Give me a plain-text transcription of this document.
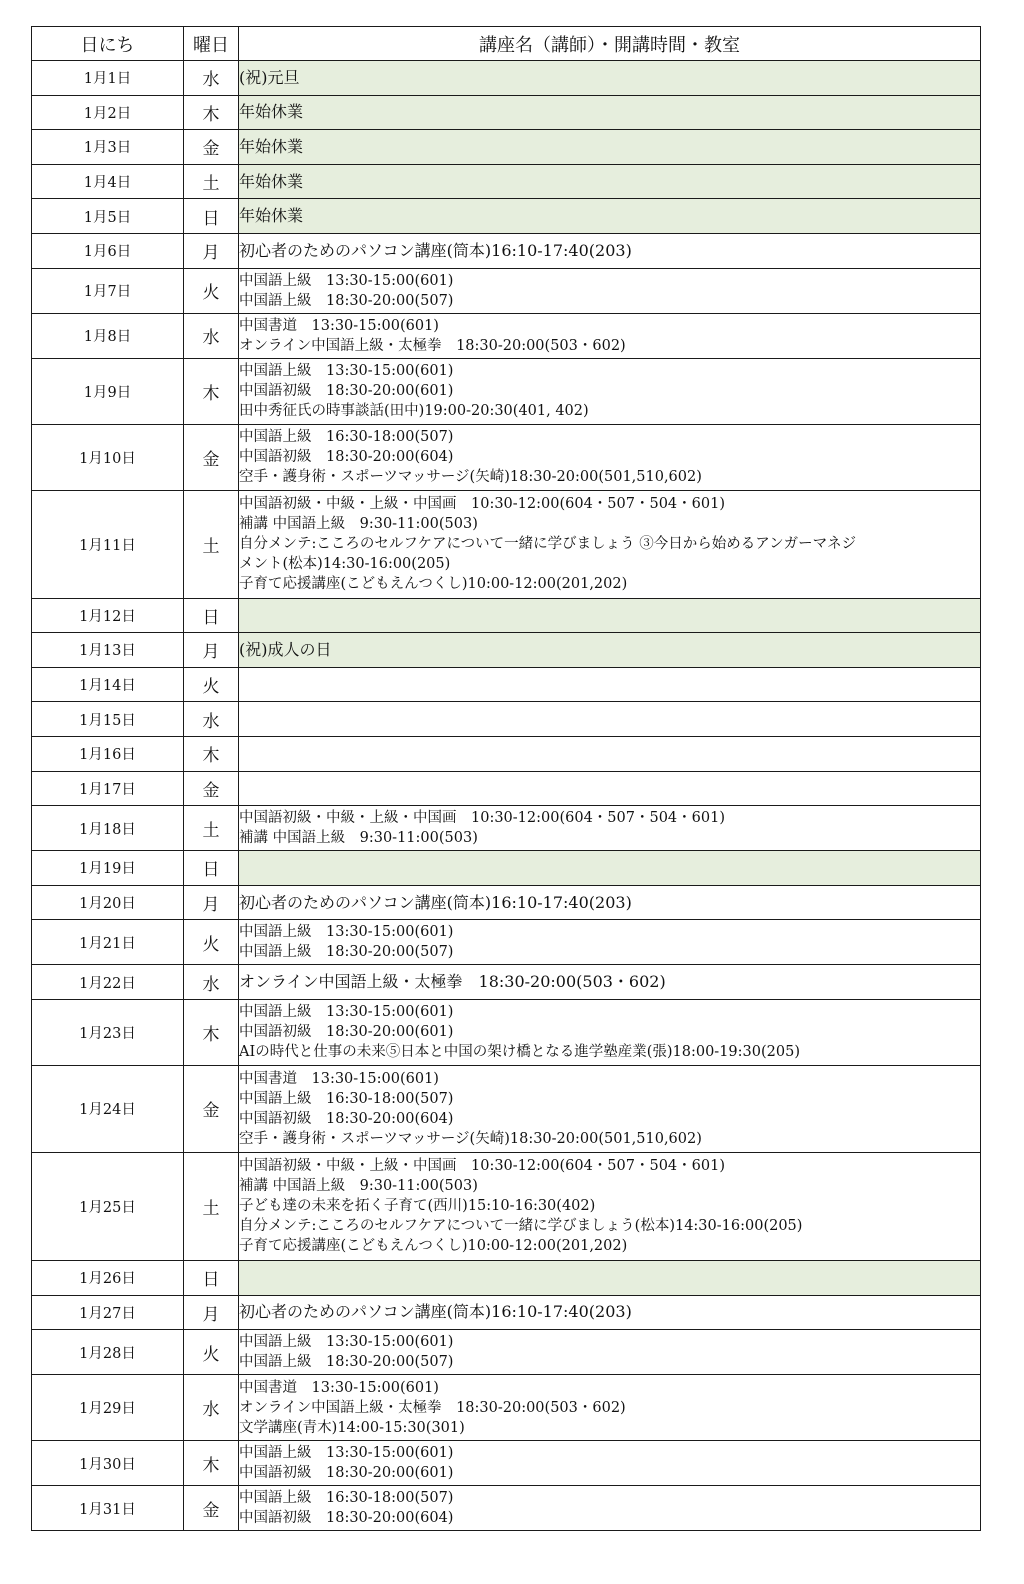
日にち	曜日	講座名（講師）・開講時間・教室
1月1日	水	(祝)元旦

1月2日	木	年始休業

1月3日	金	年始休業

1月4日	土	年始休業

1月5日	日	年始休業

1月6日	月	初心者のためのパソコン講座(筒本)16:10-17:40(203)

1月7日	火	中国語上級　13:30-15:00(601)
中国語上級　18:30-20:00(507)

1月8日	水	中国書道　13:30-15:00(601)
オンライン中国語上級・太極拳　18:30-20:00(503・602)

1月9日	木	中国語上級　13:30-15:00(601)
中国語初級　18:30-20:00(601)
田中秀征氏の時事談話(田中)19:00-20:30(401, 402)

1月10日	金	中国語上級　16:30-18:00(507)
中国語初級　18:30-20:00(604)
空手・護身術・スポーツマッサージ(矢崎)18:30-20:00(501,510,602)

1月11日	土	中国語初級・中級・上級・中国画　10:30-12:00(604・507・504・601)
補講 中国語上級　9:30-11:00(503)
自分メンテ:こころのセルフケアについて一緒に学びましょう ③今日から始めるアンガーマネジ
メント(松本)14:30-16:00(205)
子育て応援講座(こどもえんつくし)10:00-12:00(201,202)

1月12日	日	
1月13日	月	(祝)成人の日

1月14日	火	
1月15日	水	
1月16日	木	
1月17日	金	
1月18日	土	中国語初級・中級・上級・中国画　10:30-12:00(604・507・504・601)
補講 中国語上級　9:30-11:00(503)

1月19日	日	
1月20日	月	初心者のためのパソコン講座(筒本)16:10-17:40(203)

1月21日	火	中国語上級　13:30-15:00(601)
中国語上級　18:30-20:00(507)

1月22日	水	オンライン中国語上級・太極拳　18:30-20:00(503・602)

1月23日	木	中国語上級　13:30-15:00(601)
中国語初級　18:30-20:00(601)
AIの時代と仕事の未来⑤日本と中国の架け橋となる進学塾産業(張)18:00-19:30(205)

1月24日	金	中国書道　13:30-15:00(601)
中国語上級　16:30-18:00(507)
中国語初級　18:30-20:00(604)
空手・護身術・スポーツマッサージ(矢崎)18:30-20:00(501,510,602)

1月25日	土	中国語初級・中級・上級・中国画　10:30-12:00(604・507・504・601)
補講 中国語上級　9:30-11:00(503)
子ども達の未来を拓く子育て(西川)15:10-16:30(402)
自分メンテ:こころのセルフケアについて一緒に学びましょう(松本)14:30-16:00(205)
子育て応援講座(こどもえんつくし)10:00-12:00(201,202)

1月26日	日	
1月27日	月	初心者のためのパソコン講座(筒本)16:10-17:40(203)

1月28日	火	中国語上級　13:30-15:00(601)
中国語上級　18:30-20:00(507)

1月29日	水	中国書道　13:30-15:00(601)
オンライン中国語上級・太極拳　18:30-20:00(503・602)
文学講座(青木)14:00-15:30(301)

1月30日	木	中国語上級　13:30-15:00(601)
中国語初級　18:30-20:00(601)

1月31日	金	中国語上級　16:30-18:00(507)
中国語初級　18:30-20:00(604)
